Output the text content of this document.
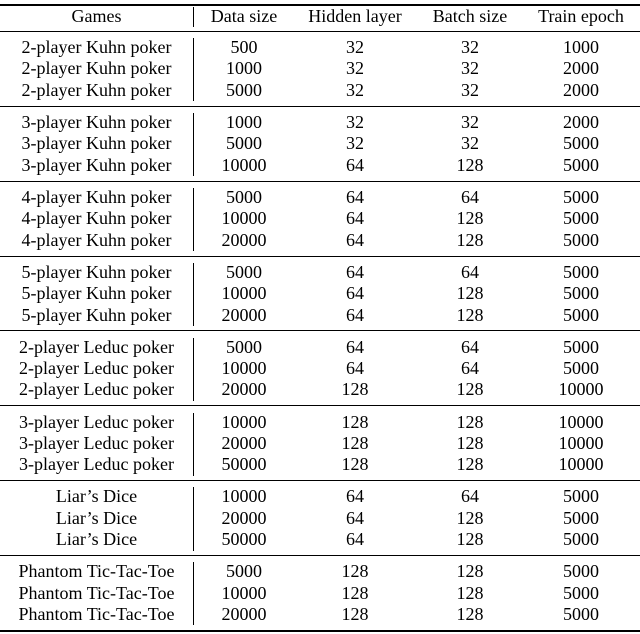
Games	Data size	Hidden layer	Batch size	Train epoch
2-player Kuhn poker	500	32	32	1000
2-player Kuhn poker	1000	32	32	2000
2-player Kuhn poker	5000	32	32	2000
3-player Kuhn poker	1000	32	32	2000
3-player Kuhn poker	5000	32	32	5000
3-player Kuhn poker	10000	64	128	5000
4-player Kuhn poker	5000	64	64	5000
4-player Kuhn poker	10000	64	128	5000
4-player Kuhn poker	20000	64	128	5000
5-player Kuhn poker	5000	64	64	5000
5-player Kuhn poker	10000	64	128	5000
5-player Kuhn poker	20000	64	128	5000
2-player Leduc poker	5000	64	64	5000
2-player Leduc poker	10000	64	64	5000
2-player Leduc poker	20000	128	128	10000
3-player Leduc poker	10000	128	128	10000
3-player Leduc poker	20000	128	128	10000
3-player Leduc poker	50000	128	128	10000
Liar’s Dice	10000	64	64	5000
Liar’s Dice	20000	64	128	5000
Liar’s Dice	50000	64	128	5000
Phantom Tic-Tac-Toe	5000	128	128	5000
Phantom Tic-Tac-Toe	10000	128	128	5000
Phantom Tic-Tac-Toe	20000	128	128	5000
